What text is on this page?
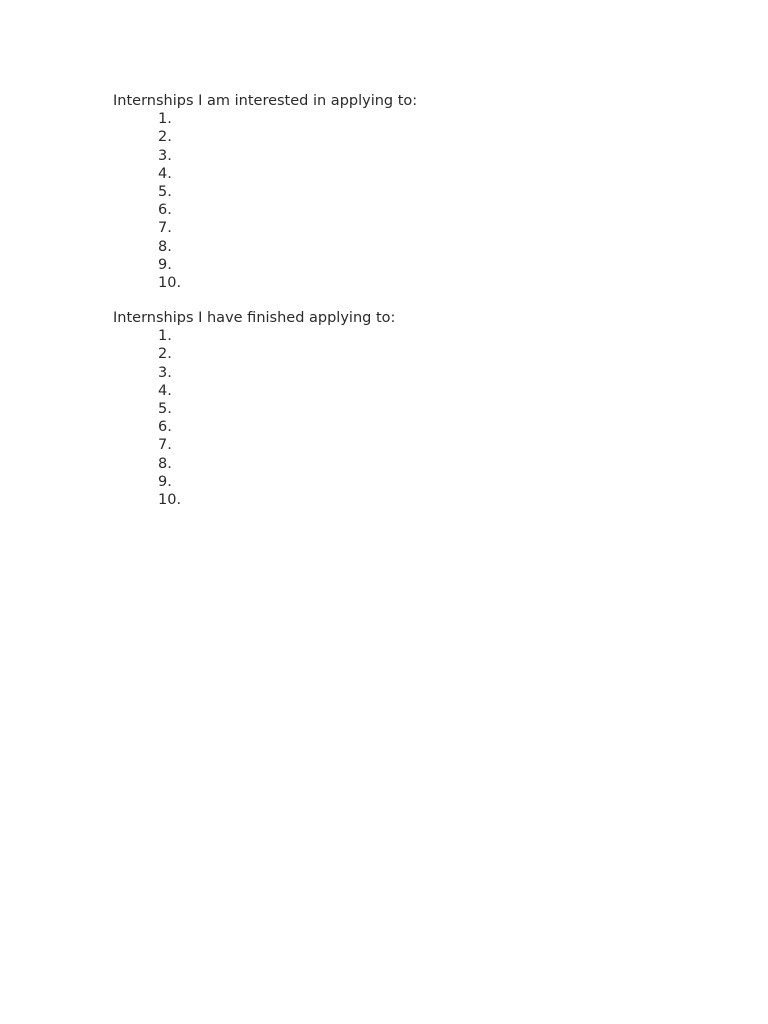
Internships I am interested in applying to:
1.
2.
3.
4.
5.
6.
7.
8.
9.
10.
Internships I have finished applying to:
1.
2.
3.
4.
5.
6.
7.
8.
9.
10.
